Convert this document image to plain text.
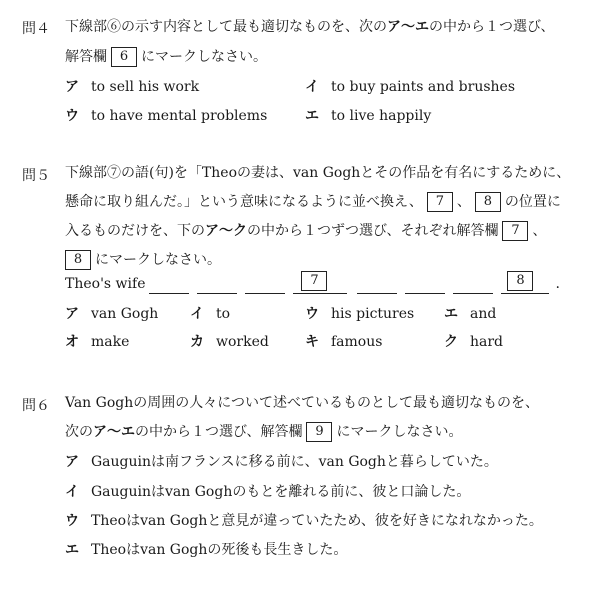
問４ 下線部⑥の示す内容として最も適切なものを、次のア〜エの中から１つ選び、
解答欄 6 にマークしなさい。
ア to sell his work	イ to buy paints and brushes
ウ to have mental problems	エ to live happily
問５ 下線部⑦の語(句)を「Theoの妻は、van Goghとその作品を有名にするために、
懸命に取り組んだ。」という意味になるように並べ換え、 7 、 8 の位置に
入るものだけを、下のア〜クの中から１つずつ選び、それぞれ解答欄 7 、
8 にマークしなさい。
Theo's wife	7	8	.
ア van Gogh イ to	ウ his pictures エ and
オ make	カ worked	キ famous	ク hard
問６ Van Goghの周囲の人々について述べているものとして最も適切なものを、
次のア〜エの中から１つ選び、解答欄 9 にマークしなさい。
ア Gauguinは南フランスに移る前に、van Goghと暮らしていた。
イ Gauguinはvan Goghのもとを離れる前に、彼と口論した。
ウ Theoはvan Goghと意見が違っていたため、彼を好きになれなかった。
エ Theoはvan Goghの死後も長生きした。
